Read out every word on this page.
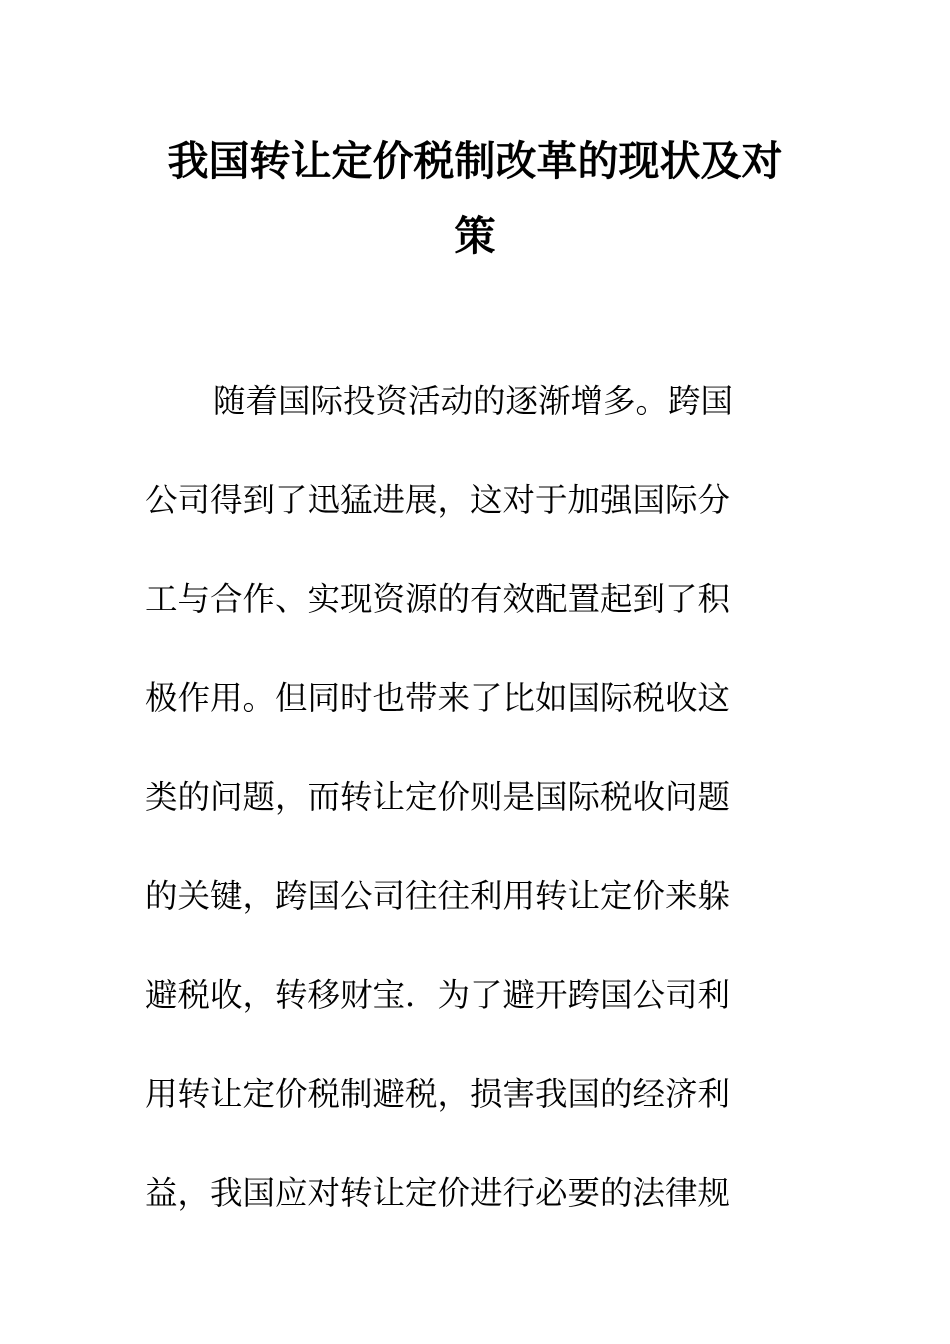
我国转让定价税制改革的现状及对
策
随着国际投资活动的逐渐增多。跨国
公司得到了迅猛进展，这对于加强国际分
工与合作、实现资源的有效配置起到了积
极作用。但同时也带来了比如国际税收这
类的问题，而转让定价则是国际税收问题
的关键，跨国公司往往利用转让定价来躲
避税收，转移财宝．为了避开跨国公司利
用转让定价税制避税，损害我国的经济利
益，我国应对转让定价进行必要的法律规
